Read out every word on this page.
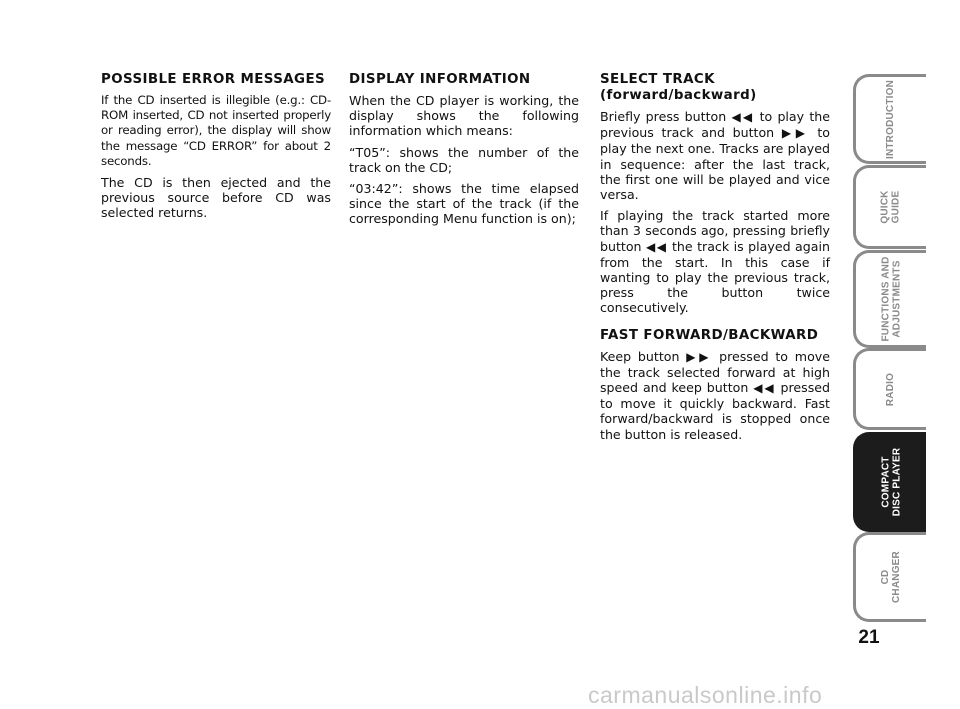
POSSIBLE ERROR MESSAGES

If the CD inserted is illegible (e.g.: CD-ROM inserted, CD not inserted properly or reading error), the display will show the message “CD ERROR” for about 2 seconds.

The CD is then ejected and the previous source before CD was selected returns.

DISPLAY INFORMATION

When the CD player is working, the display shows the following information which means:

“T05”: shows the number of the track on the CD;

“03:42”: shows the time elapsed since the start of the track (if the corresponding Menu function is on);

SELECT TRACK
(forward/backward)

Briefly press button ◀◀ to play the previous track and button ▶▶ to play the next one. Tracks are played in sequence: after the last track, the first one will be played and vice versa.

If playing the track started more than 3 seconds ago, pressing briefly button ◀◀ the track is played again from the start. In this case if wanting to play the previous track, press the button twice consecutively.

FAST FORWARD/BACKWARD

Keep button ▶▶ pressed to move the track selected forward at high speed and keep button ◀◀ pressed to move it quickly backward. Fast forward/backward is stopped once the button is released.

INTRODUCTION
QUICK GUIDE
FUNCTIONS AND ADJUSTMENTS
RADIO
COMPACT DISC PLAYER
CD CHANGER
21
carmanualsonline.info
